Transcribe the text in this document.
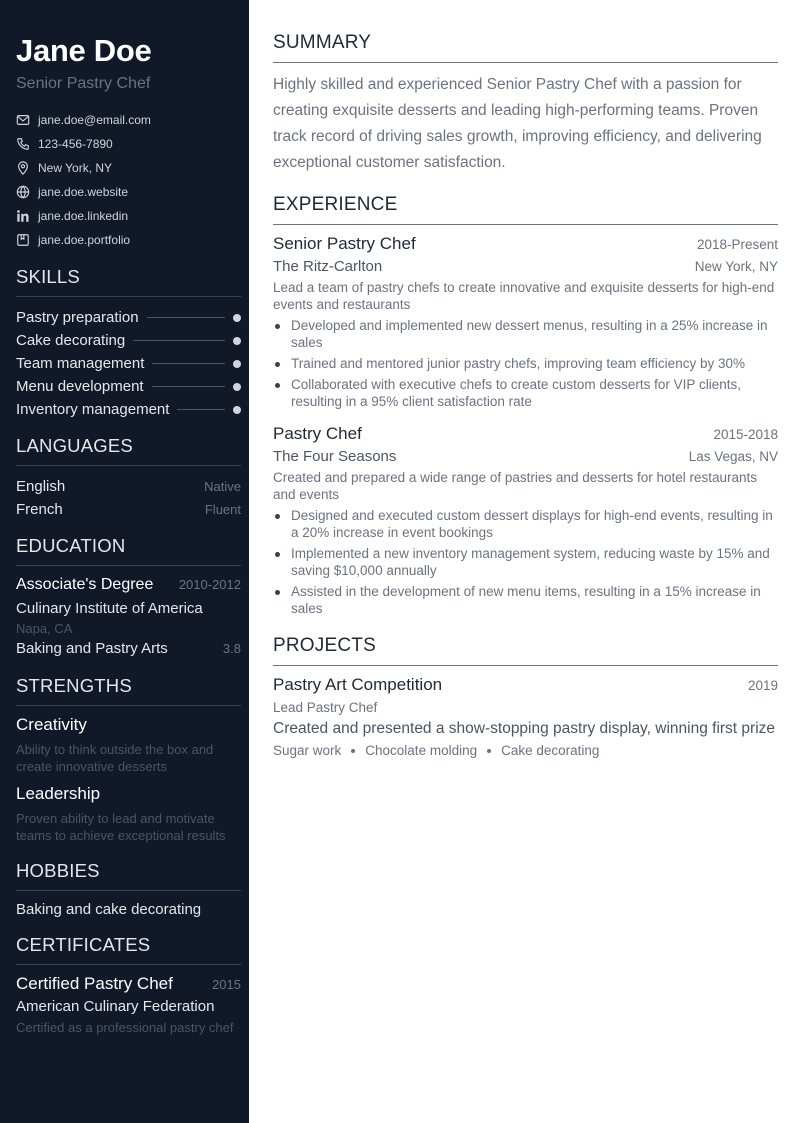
Jane Doe
Senior Pastry Chef
jane.doe@email.com
123-456-7890
New York, NY
jane.doe.website
jane.doe.linkedin
jane.doe.portfolio
SKILLS
Pastry preparation
Cake decorating
Team management
Menu development
Inventory management
LANGUAGES
English	Native
French	Fluent
EDUCATION
Associate's Degree 2010-2012
Culinary Institute of America
Napa, CA
Baking and Pastry Arts	3.8
STRENGTHS
Creativity
Ability to think outside the box and create innovative desserts
Leadership
Proven ability to lead and motivate teams to achieve exceptional results
HOBBIES
Baking and cake decorating
CERTIFICATES
Certified Pastry Chef	2015
American Culinary Federation
Certified as a professional pastry chef
SUMMARY

Highly skilled and experienced Senior Pastry Chef with a passion for creating exquisite desserts and leading high-performing teams. Proven track record of driving sales growth, improving efficiency, and delivering exceptional customer satisfaction.

EXPERIENCE
Senior Pastry Chef	2018-Present
The Ritz-Carlton	New York, NY
Lead a team of pastry chefs to create innovative and exquisite desserts for high-end events and restaurants
Developed and implemented new dessert menus, resulting in a 25% increase in sales
Trained and mentored junior pastry chefs, improving team efficiency by 30%
Collaborated with executive chefs to create custom desserts for VIP clients, resulting in a 95% client satisfaction rate
Pastry Chef	2015-2018
The Four Seasons	Las Vegas, NV
Created and prepared a wide range of pastries and desserts for hotel restaurants and events
Designed and executed custom dessert displays for high-end events, resulting in a 20% increase in event bookings
Implemented a new inventory management system, reducing waste by 15% and saving $10,000 annually
Assisted in the development of new menu items, resulting in a 15% increase in sales
PROJECTS
Pastry Art Competition	2019
Lead Pastry Chef
Created and presented a show-stopping pastry display, winning first prize
Sugar work Chocolate molding Cake decorating
